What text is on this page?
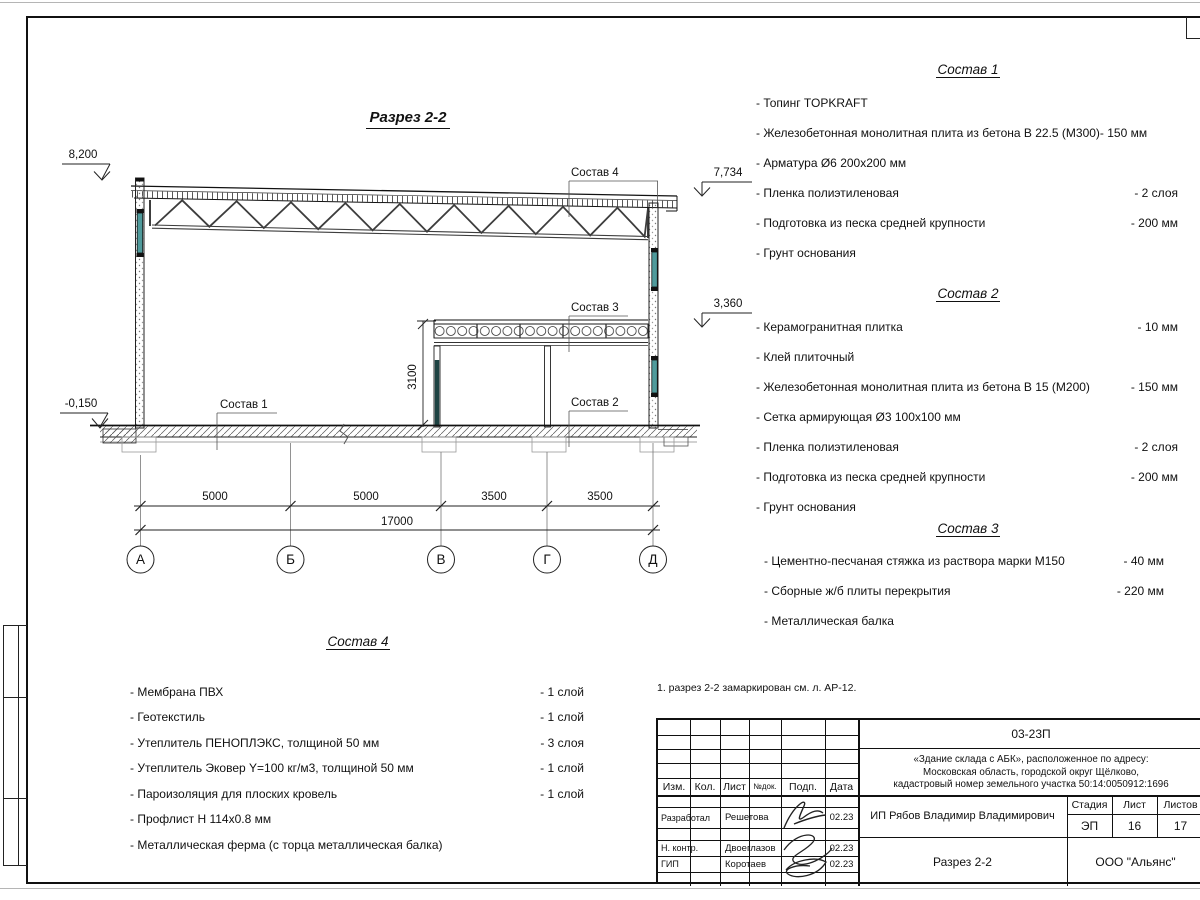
Разрез 2-2
8,200
7,734
3,360
-0,150
Состав 4
Состав 3
Состав 2
Состав 1
5000	5000	3500	3500
17000
3100
А	Б	В	Г	Д
1. разрез 2-2 замаркирован см. л. АР-12.
Состав 1
- Топинг TOPKRAFT
- Железобетонная монолитная плита из бетона В 22.5 (М300)- 150 мм
- Арматура Ø6 200x200 мм
- Пленка полиэтиленовая	- 2 слоя
- Подготовка из песка средней крупности	- 200 мм
- Грунт основания
Состав 2
- Керамогранитная плитка	- 10 мм
- Клей плиточный
- Железобетонная монолитная плита из бетона В 15 (М200)	- 150 мм
- Сетка армирующая Ø3 100x100 мм
- Пленка полиэтиленовая	- 2 слоя
- Подготовка из песка средней крупности	- 200 мм
- Грунт основания
Состав 3
- Цементно-песчаная стяжка из раствора марки М150	- 40 мм
- Сборные ж/б плиты перекрытия	- 220 мм
- Металлическая балка
Состав 4
- Мембрана ПВХ	- 1 слой
- Геотекстиль	- 1 слой
- Утеплитель ПЕНОПЛЭКС, толщиной 50 мм	- 3 слоя
- Утеплитель Эковер Y=100 кг/м3, толщиной 50 мм	- 1 слой
- Пароизоляция для плоских кровель	- 1 слой
- Профлист Н 114x0.8 мм
- Металлическая ферма (с торца металлическая балка)
Изм. Кол. Лист №док.	Подп.	Дата
Разработал	Решетова	02.23
Н. контр.	Двоеглазов	02.23
ГИП	Коротаев	02.23
03-23П
«Здание склада с АБК», расположенное по адресу:
Московская область, городской округ Щёлково,
кадастровый номер земельного участка 50:14:0050912:1696
ИП Рябов Владимир Владимирович
Стадия	Лист	Листов
ЭП	16	17
Разрез 2-2	ООО "Альянс"
